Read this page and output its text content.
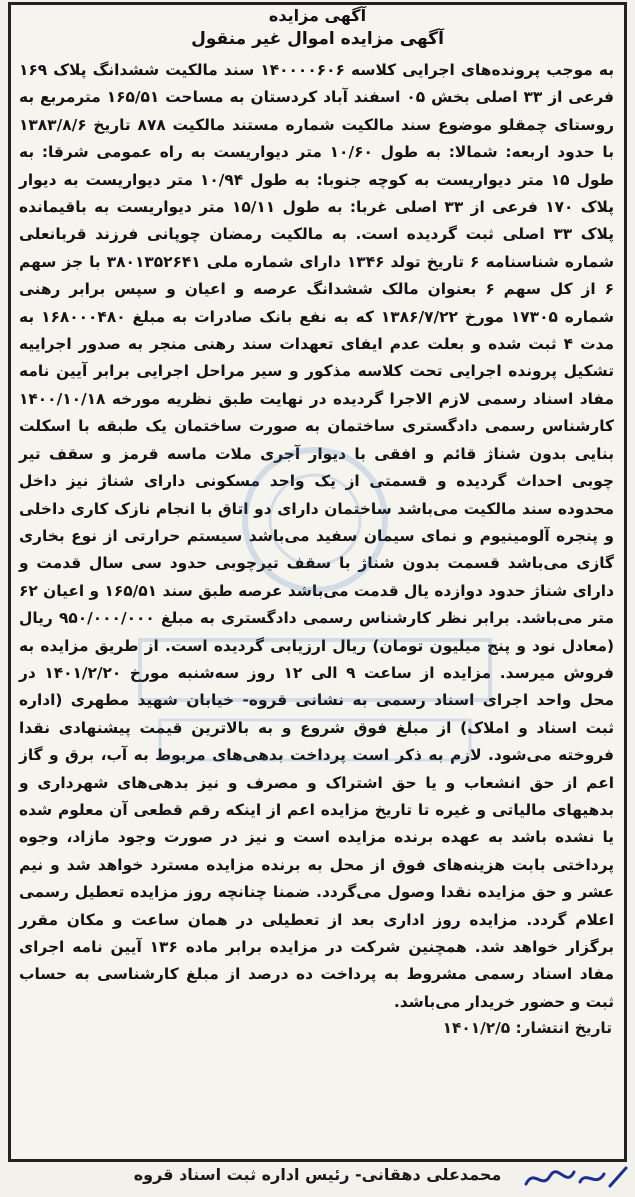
آگهی مزایده

آگهی مزایده اموال غیر منقول

به موجب پرونده‌های اجرایی کلاسه ۱۴۰۰۰۰۶۰۶ سند مالکیت ششدانگ پلاک ۱۶۹ فرعی از ۳۳ اصلی بخش ۰۵ اسفند آباد کردستان به مساحت ۱۶۵/۵۱ مترمربع به روستای چمقلو موضوع سند مالکیت شماره مستند مالکیت ۸۷۸ تاریخ ۱۳۸۳/۸/۶ با حدود اربعه: شمالا: به طول ۱۰/۶۰ متر دیواریست به راه عمومی شرقا: به طول ۱۵ متر دیواریست به کوچه جنوبا: به طول ۱۰/۹۴ متر دیواریست به دیوار پلاک ۱۷۰ فرعی از ۳۳ اصلی غربا: به طول ۱۵/۱۱ متر دیواریست به باقیمانده پلاک ۳۳ اصلی ثبت گردیده است. به مالکیت رمضان چوپانی فرزند قربانعلی شماره شناسنامه ۶ تاریخ تولد ۱۳۴۶ دارای شماره ملی ۳۸۰۱۳۵۲۶۴۱ با جز سهم ۶ از کل سهم ۶ بعنوان مالک ششدانگ عرصه و اعیان و سپس برابر رهنی شماره ۱۷۳۰۵ مورخ ۱۳۸۶/۷/۲۲ که به نفع بانک صادرات به مبلغ ۱۶۸۰۰۰۴۸۰ به مدت ۴ ثبت شده و بعلت عدم ایفای تعهدات سند رهنی منجر به صدور اجراییه تشکیل پرونده اجرایی تحت کلاسه مذکور و سیر مراحل اجرایی برابر آیین نامه مفاد اسناد رسمی لازم الاجرا گردیده در نهایت طبق نظریه مورخه ۱۴۰۰/۱۰/۱۸ کارشناس رسمی دادگستری ساختمان به صورت ساختمان یک طبقه با اسکلت بنایی بدون شناژ قائم و افقی با دیوار آجری ملات ماسه قرمز و سقف تیر چوبی احداث گردیده و قسمتی از یک واحد مسکونی دارای شناژ نیز داخل محدوده سند مالکیت می‌باشد ساختمان دارای دو اتاق با انجام نازک کاری داخلی و پنجره آلومینیوم و نمای سیمان سفید می‌باشد سیستم حرارتی از نوع بخاری گازی می‌باشد قسمت بدون شناژ با سقف تیرچوبی حدود سی سال قدمت و دارای شناژ حدود دوازده یال قدمت می‌باشد عرصه طبق سند ۱۶۵/۵۱ و اعیان ۶۲ متر می‌باشد. برابر نظر کارشناس رسمی دادگستری به مبلغ ۹۵۰/۰۰۰/۰۰۰ ریال (معادل نود و پنج میلیون تومان) ریال ارزیابی گردیده است. از طریق مزایده به فروش میرسد. مزایده از ساعت ۹ الی ۱۲ روز سه‌شنبه مورخ ۱۴۰۱/۲/۲۰ در محل واحد اجرای اسناد رسمی به نشانی قروه- خیابان شهید مطهری (اداره ثبت اسناد و املاک) از مبلغ فوق شروع و به بالاترین قیمت پیشنهادی نقدا فروخته می‌شود. لازم به ذکر است پرداخت بدهی‌های مربوط به آب، برق و گاز اعم از حق انشعاب و یا حق اشتراک و مصرف و نیز بدهی‌های شهرداری و بدهیهای مالیاتی و غیره تا تاریخ مزایده اعم از اینکه رقم قطعی آن معلوم شده یا نشده باشد به عهده برنده مزایده است و نیز در صورت وجود مازاد، وجوه پرداختی بابت هزینه‌های فوق از محل به برنده مزایده مسترد خواهد شد و نیم عشر و حق مزایده نقدا وصول می‌گردد. ضمنا چنانچه روز مزایده تعطیل رسمی اعلام گردد. مزایده روز اداری بعد از تعطیلی در همان ساعت و مکان مقرر برگزار خواهد شد. همچنین شرکت در مزایده برابر ماده ۱۳۶ آیین نامه اجرای مفاد اسناد رسمی مشروط به پرداخت ده درصد از مبلغ کارشناسی به حساب ثبت و حضور خریدار می‌باشد.

تاریخ انتشار: ۱۴۰۱/۲/۵

محمدعلی دهقانی- رئیس اداره ثبت اسناد قروه
